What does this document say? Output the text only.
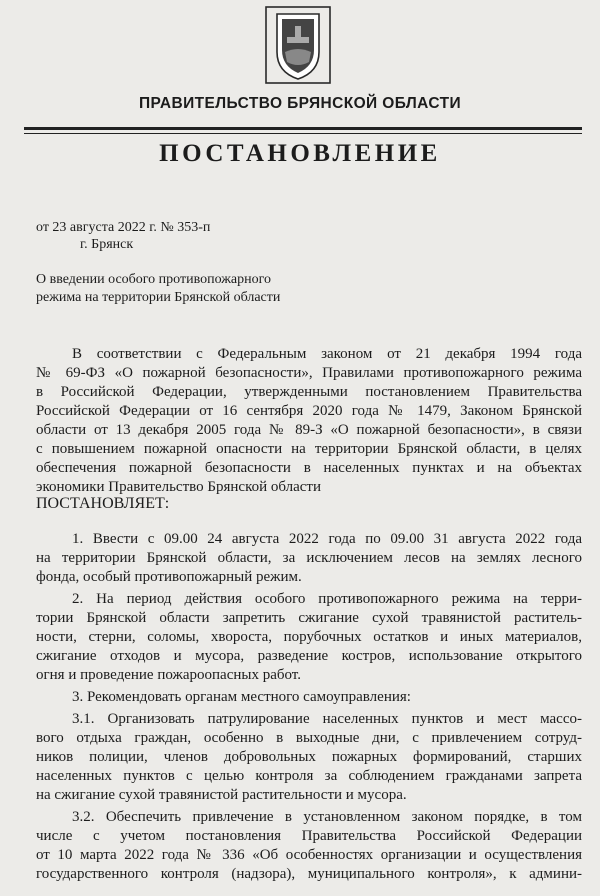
ПРАВИТЕЛЬСТВО БРЯНСКОЙ ОБЛАСТИ
ПОСТАНОВЛЕНИЕ
от 23 августа 2022 г. № 353-п
г. Брянск
О введении особого противопожарного
режима на территории Брянской области
В соответствии с Федеральным законом от 21 декабря 1994 года
№ 69-ФЗ «О пожарной безопасности», Правилами противопожарного режима
в Российской Федерации, утвержденными постановлением Правительства
Российской Федерации от 16 сентября 2020 года № 1479, Законом Брянской
области от 13 декабря 2005 года № 89-З «О пожарной безопасности», в связи
с повышением пожарной опасности на территории Брянской области, в целях
обеспечения пожарной безопасности в населенных пунктах и на объектах
экономики Правительство Брянской области
ПОСТАНОВЛЯЕТ:
1. Ввести с 09.00 24 августа 2022 года по 09.00 31 августа 2022 года
на территории Брянской области, за исключением лесов на землях лесного
фонда, особый противопожарный режим.
2. На период действия особого противопожарного режима на терри-
тории Брянской области запретить сжигание сухой травянистой раститель-
ности, стерни, соломы, хвороста, порубочных остатков и иных материалов,
сжигание отходов и мусора, разведение костров, использование открытого
огня и проведение пожароопасных работ.
3. Рекомендовать органам местного самоуправления:
3.1. Организовать патрулирование населенных пунктов и мест массо-
вого отдыха граждан, особенно в выходные дни, с привлечением сотруд-
ников полиции, членов добровольных пожарных формирований, старших
населенных пунктов с целью контроля за соблюдением гражданами запрета
на сжигание сухой травянистой растительности и мусора.
3.2. Обеспечить привлечение в установленном законом порядке, в том
числе с учетом постановления Правительства Российской Федерации
от 10 марта 2022 года № 336 «Об особенностях организации и осуществления
государственного контроля (надзора), муниципального контроля», к админи-
